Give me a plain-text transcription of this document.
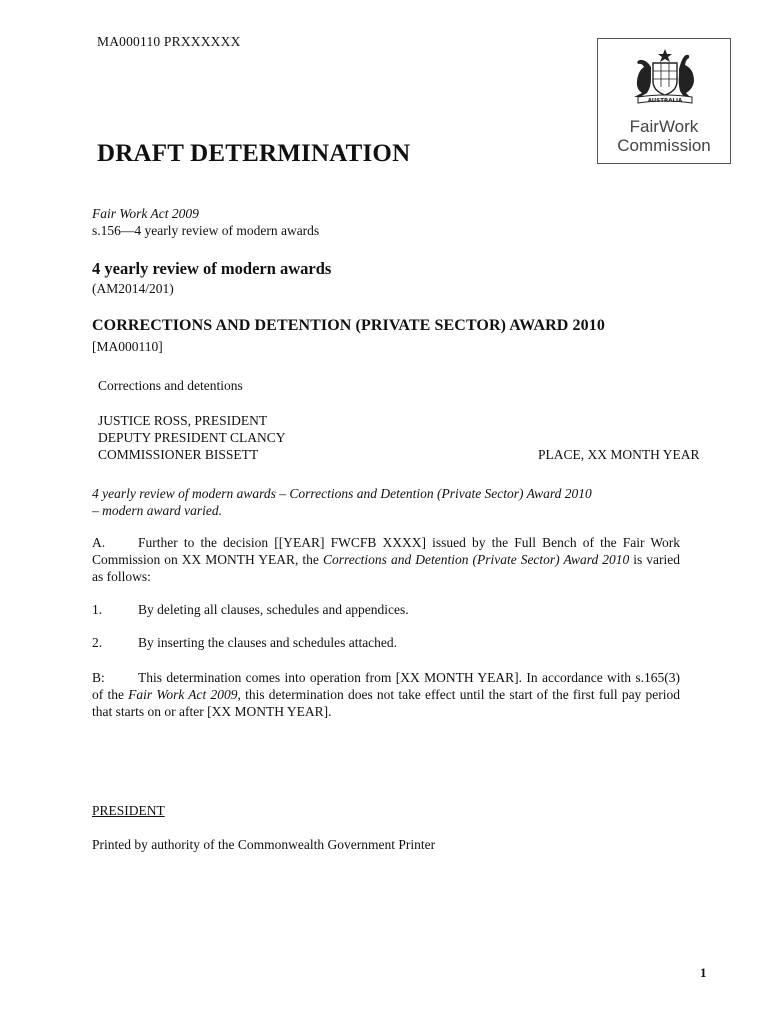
MA000110 PRXXXXXX
AUSTRALIA
FairWork
Commission
DRAFT DETERMINATION
Fair Work Act 2009
s.156—4 yearly review of modern awards
4 yearly review of modern awards
(AM2014/201)
CORRECTIONS AND DETENTION (PRIVATE SECTOR) AWARD 2010
[MA000110]
Corrections and detentions
JUSTICE ROSS, PRESIDENT
DEPUTY PRESIDENT CLANCY
COMMISSIONER BISSETT	PLACE, XX MONTH YEAR
4 yearly review of modern awards – Corrections and Detention (Private Sector) Award 2010
– modern award varied.
A. Further to the decision [[YEAR] FWCFB XXXX] issued by the Full Bench of the Fair Work Commission on XX MONTH YEAR, the Corrections and Detention (Private Sector) Award 2010 is varied as follows:
1.	By deleting all clauses, schedules and appendices.
2.	By inserting the clauses and schedules attached.
B: This determination comes into operation from [XX MONTH YEAR]. In accordance with s.165(3) of the Fair Work Act 2009, this determination does not take effect until the start of the first full pay period that starts on or after [XX MONTH YEAR].
PRESIDENT
Printed by authority of the Commonwealth Government Printer
1
